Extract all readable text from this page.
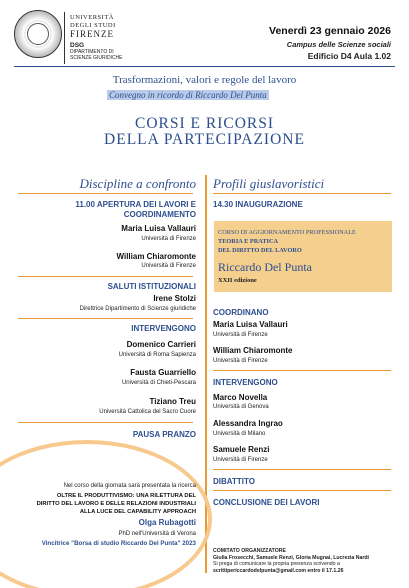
UNIVERSITÀ
DEGLI STUDI
FIRENZE
DSG
DIPARTIMENTO DI
SCIENZE GIURIDICHE
Venerdì 23 gennaio 2026
Campus delle Scienze sociali
Edificio D4 Aula 1.02
Trasformazioni, valori e regole del lavoro
Convegno in ricordo di Riccardo Del Punta
CORSI E RICORSI
DELLA PARTECIPAZIONE
Discipline a confronto
11.00 APERTURA DEI LAVORI E COORDINAMENTO
Maria Luisa Vallauri
Università di Firenze
William Chiaromonte
Università di Firenze
SALUTI ISTITUZIONALI
Irene Stolzi
Direttrice Dipartimento di Scienze giuridiche
INTERVENGONO
Domenico Carrieri
Università di Roma Sapienza
Fausta Guarriello
Università di Chieti-Pescara
Tiziano Treu
Università Cattolica del Sacro Cuore
PAUSA PRANZO
Nel corso della giornata sarà presentata la ricerca
OLTRE IL PRODUTTIVISMO: UNA RILETTURA DEL
DIRITTO DEL LAVORO E DELLE RELAZIONI INDUSTRIALI
ALLA LUCE DEL CAPABILITY APPROACH
Olga Rubagotti
PhD nell'Università di Verona
Vincitrice "Borsa di studio Riccardo Del Punta" 2023
Profili giuslavoristici
14.30 INAUGURAZIONE
CORSO DI AGGIORNAMENTO PROFESSIONALE
TEORIA E PRATICA
DEL DIRITTO DEL LAVORO
Riccardo Del Punta
XXII edizione
COORDINANO
Maria Luisa Vallauri
Università di Firenze
William Chiaromonte
Università di Firenze
INTERVENGONO
Marco Novella
Università di Genova
Alessandra Ingrao
Università di Milano
Samuele Renzi
Università di Firenze
DIBATTITO
CONCLUSIONE DEI LAVORI
COMITATO ORGANIZZATORE
Giulia Frosecchi, Samuele Renzi, Gloria Mugnai, Lucrezia Nardi
Si prega di comunicare la propria presenza scrivendo a
scrittipericcardodelpunta@gmail.com entro il 17.1.26
